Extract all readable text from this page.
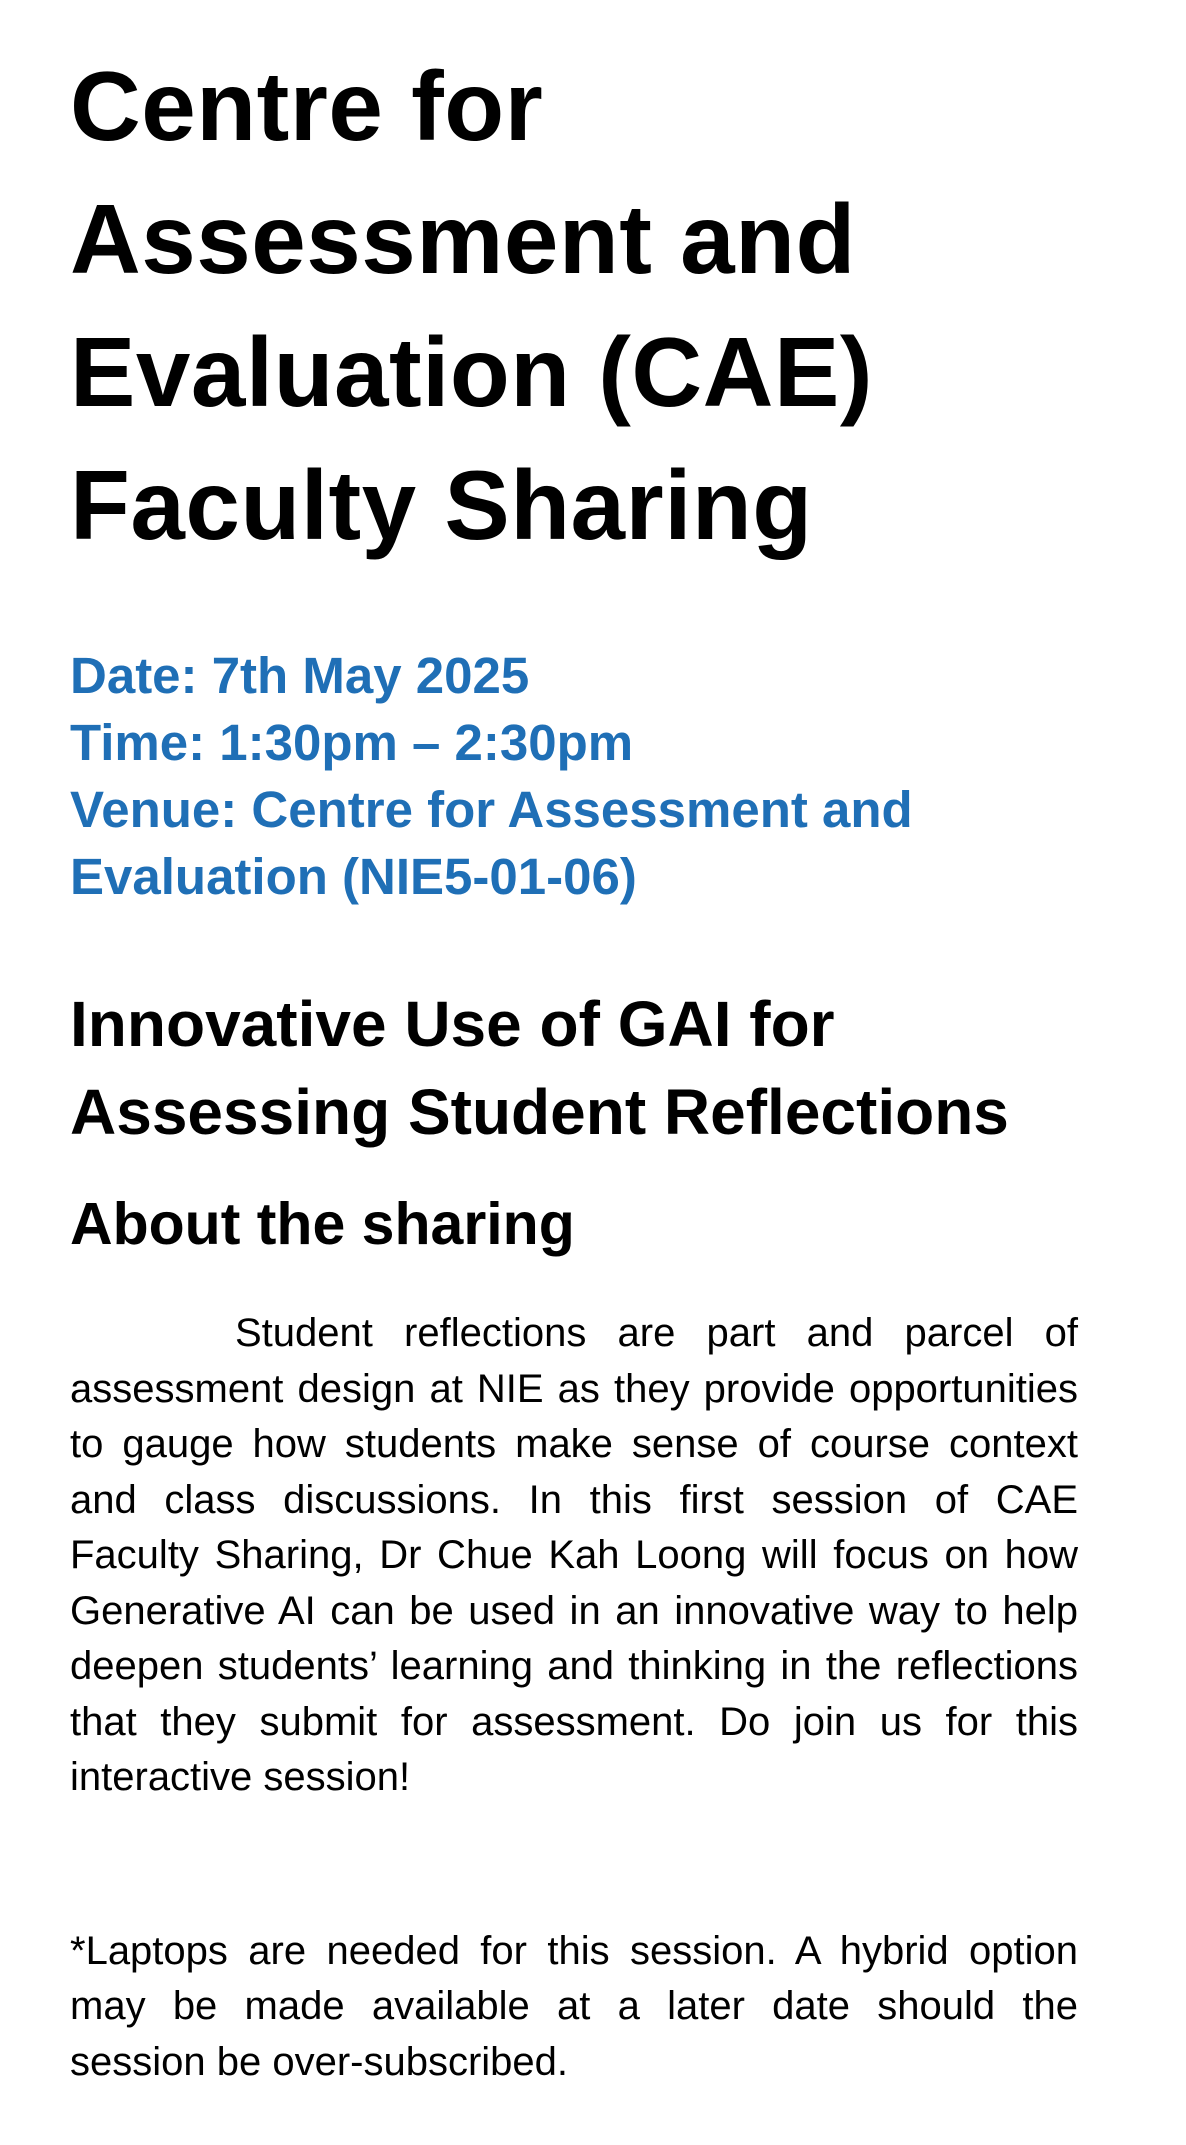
Centre for
Assessment and
Evaluation (CAE)
Faculty Sharing
Date: 7th May 2025
Time: 1:30pm – 2:30pm
Venue: Centre for Assessment and
Evaluation (NIE5-01-06)
Innovative Use of GAI for
Assessing Student Reflections
About the sharing

Student reflections are part and parcel of assessment design at NIE as they provide opportunities to gauge how students make sense of course context and class discussions. In this first session of CAE Faculty Sharing, Dr Chue Kah Loong will focus on how Generative AI can be used in an innovative way to help deepen students’ learning and thinking in the reflections that they submit for assessment. Do join us for this interactive session!

*Laptops are needed for this session. A hybrid option may be made available at a later date should the session be over-subscribed.
